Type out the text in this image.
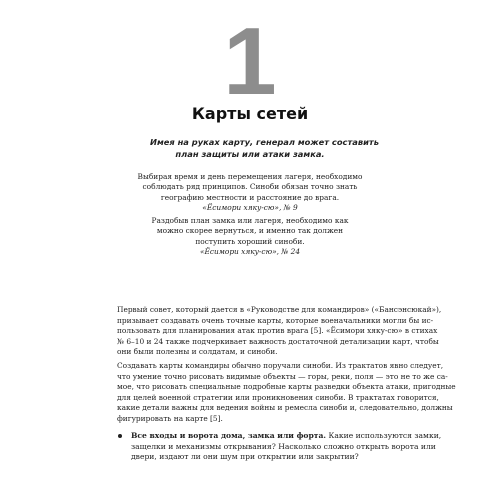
1
Карты сетей
Имея на руках карту, генерал может составить
план защиты или атаки замка.
Выбирая время и день перемещения лагеря, необходимо
соблюдать ряд принципов. Синоби обязан точно знать
географию местности и расстояние до врага.
«Ёсимори хяку-сю», № 9
Раздобыв план замка или лагеря, необходимо как
можно скорее вернуться, и именно так должен
поступить хороший синоби.
«Ёсимори хяку-сю», № 24
Первый совет, который дается в «Руководстве для командиров» («Бансэнсюкай»),
призывает создавать очень точные карты, которые военачальники могли бы ис-
пользовать для планирования атак против врага [5]. «Ёсимори хяку-сю» в стихах
№ 6–10 и 24 также подчеркивает важность достаточной детализации карт, чтобы
они были полезны и солдатам, и синоби.
Создавать карты командиры обычно поручали синоби. Из трактатов явно следует,
что умение точно рисовать видимые объекты — горы, реки, поля — это не то же са-
мое, что рисовать специальные подробные карты разведки объекта атаки, пригодные
для целей военной стратегии или проникновения синоби. В трактатах говорится,
какие детали важны для ведения войны и ремесла синоби и, следовательно, должны
фигурировать на карте [5].
Все входы и ворота дома, замка или форта. Какие используются замки,
защелки и механизмы открывания? Насколько сложно открыть ворота или
двери, издают ли они шум при открытии или закрытии?
